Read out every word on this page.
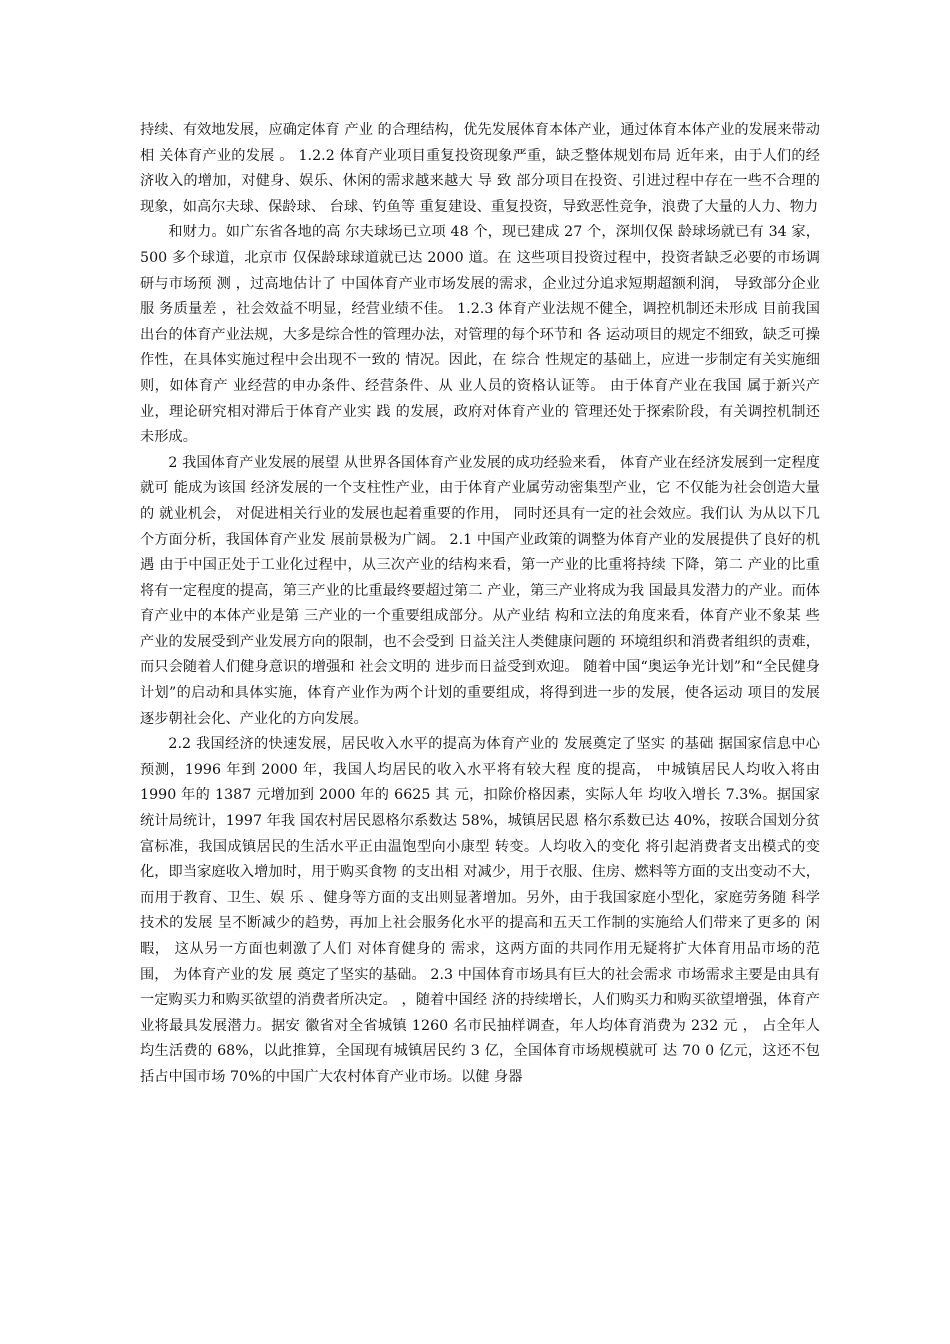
持续、有效地发展，应确定体育 产业 的合理结构，优先发展体育本体产业，通过体育本体产业的发展来带动相 关体育产业的发展 。 1.2.2 体育产业项目重复投资现象严重，缺乏整体规划布局 近年来，由于人们的经济收入的增加，对健身、娱乐、休闲的需求越来越大 导 致 部分项目在投资、引进过程中存在一些不合理的现象，如高尔夫球、保龄球、 台球、钓鱼等 重复建设、重复投资，导致恶性竞争，浪费了大量的人力、物力

和财力。如广东省各地的高 尔夫球场已立项 48 个，现已建成 27 个，深圳仅保 龄球场就已有 34 家，500 多个球道，北京市 仅保龄球球道就已达 2000 道。在 这些项目投资过程中，投资者缺乏必要的市场调研与市场预 测 ，过高地估计了 中国体育产业市场发展的需求，企业过分追求短期超额利润， 导致部分企业服 务质量差 ，社会效益不明显，经营业绩不佳。 1.2.3 体育产业法规不健全，调控机制还未形成 目前我国出台的体育产业法规，大多是综合性的管理办法，对管理的每个环节和 各 运动项目的规定不细致，缺乏可操作性，在具体实施过程中会出现不一致的 情况。因此，在 综合 性规定的基础上，应进一步制定有关实施细则，如体育产 业经营的申办条件、经营条件、从 业人员的资格认证等。 由于体育产业在我国 属于新兴产业，理论研究相对滞后于体育产业实 践 的发展，政府对体育产业的 管理还处于探索阶段，有关调控机制还未形成。

2 我国体育产业发展的展望 从世界各国体育产业发展的成功经验来看， 体育产业在经济发展到一定程度就可 能成为该国 经济发展的一个支柱性产业，由于体育产业属劳动密集型产业，它 不仅能为社会创造大量的 就业机会， 对促进相关行业的发展也起着重要的作用， 同时还具有一定的社会效应。我们认 为从以下几个方面分析，我国体育产业发 展前景极为广阔。 2.1 中国产业政策的调整为体育产业的发展提供了良好的机遇 由于中国正处于工业化过程中，从三次产业的结构来看，第一产业的比重将持续 下降，第二 产业的比重将有一定程度的提高，第三产业的比重最终要超过第二 产业，第三产业将成为我 国最具发潜力的产业。而体育产业中的本体产业是第 三产业的一个重要组成部分。从产业结 构和立法的角度来看，体育产业不象某 些产业的发展受到产业发展方向的限制，也不会受到 日益关注人类健康问题的 环境组织和消费者组织的责难，而只会随着人们健身意识的增强和 社会文明的 进步而日益受到欢迎。 随着中国“奥运争光计划”和“全民健身计划”的启动和具体实施，体育产业作为两个计划的重要组成，将得到进一步的发展，使各运动 项目的发展 逐步朝社会化、产业化的方向发展。

2.2 我国经济的快速发展，居民收入水平的提高为体育产业的 发展奠定了坚实 的基础 据国家信息中心预测，1996 年到 2000 年，我国人均居民的收入水平将有较大程 度的提高， 中城镇居民人均收入将由 1990 年的 1387 元增加到 2000 年的 6625 其 元，扣除价格因素，实际人年 均收入增长 7.3%。据国家统计局统计，1997 年我 国农村居民恩格尔系数达 58%，城镇居民恩 格尔系数已达 40%，按联合国划分贫 富标准，我国成镇居民的生活水平正由温饱型向小康型 转变。人均收入的变化 将引起消费者支出模式的变化，即当家庭收入增加时，用于购买食物 的支出相 对减少，用于衣服、住房、燃料等方面的支出变动不大，而用于教育、卫生、娱 乐 、健身等方面的支出则显著增加。另外，由于我国家庭小型化，家庭劳务随 科学技术的发展 呈不断减少的趋势，再加上社会服务化水平的提高和五天工作制的实施给人们带来了更多的 闲暇， 这从另一方面也刺激了人们 对体育健身的 需求，这两方面的共同作用无疑将扩大体育用品市场的范围， 为体育产业的发 展 奠定了坚实的基础。 2.3 中国体育市场具有巨大的社会需求 市场需求主要是由具有一定购买力和购买欲望的消费者所决定。 ，随着中国经 济的持续增长，人们购买力和购买欲望增强，体育产业将最具发展潜力。据安 徽省对全省城镇 1260 名市民抽样调查，年人均体育消费为 232 元 ， 占全年人 均生活费的 68%，以此推算，全国现有城镇居民约 3 亿，全国体育市场规模就可 达 70 0 亿元，这还不包括占中国市场 70%的中国广大农村体育产业市场。以健 身器
